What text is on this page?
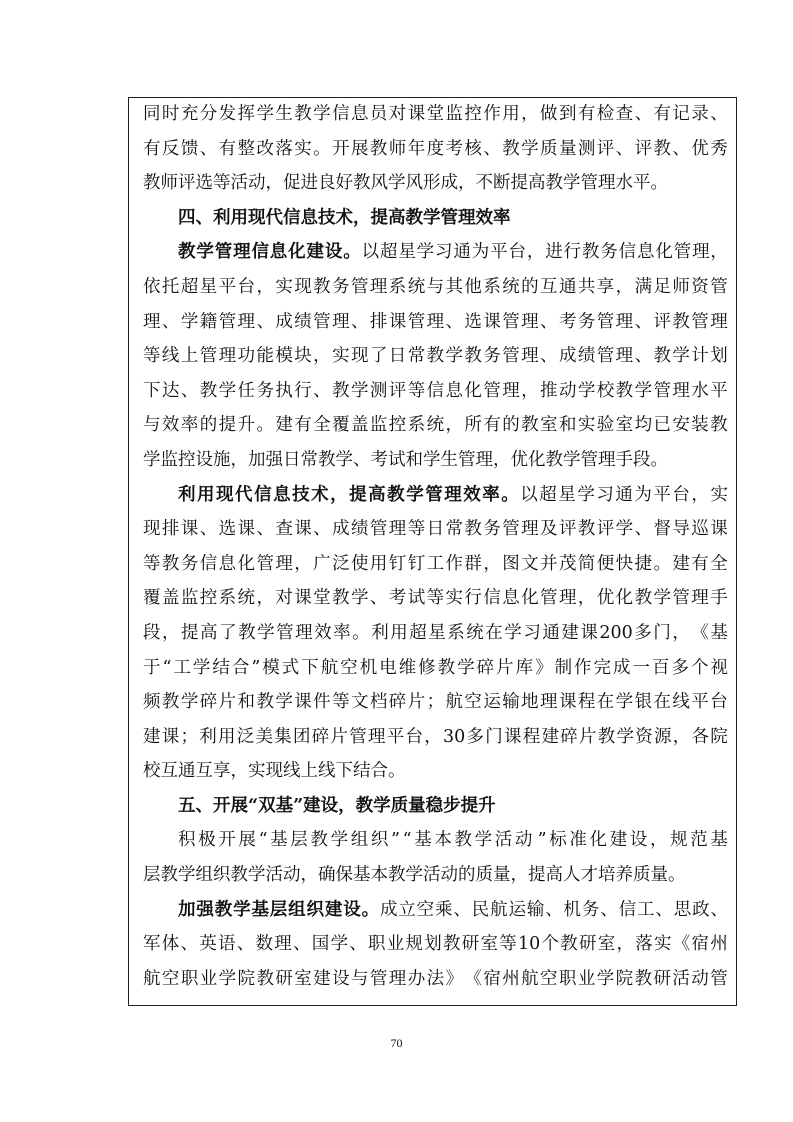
同 时 充 分 发 挥 学 生 教 学 信 息 员 对 课 堂 监 控 作 用 ， 做 到 有 检 查 、 有 记 录 、
有 反 馈 、 有 整 改 落 实 。 开 展 教 师 年 度 考 核 、 教 学 质 量 测 评 、 评 教 、 优 秀
教师评选等活动，促进良好教风学风形成，不断提高教学管理水平。
四、利用现代信息技术，提高教学管理效率
教 学 管 理 信 息 化 建 设 。 以 超 星 学 习 通 为 平 台 ， 进 行 教 务 信 息 化 管 理 ，
依 托 超 星 平 台 ， 实 现 教 务 管 理 系 统 与 其 他 系 统 的 互 通 共 享 ， 满 足 师 资 管
理 、 学 籍 管 理 、 成 绩 管 理 、 排 课 管 理 、 选 课 管 理 、 考 务 管 理 、 评 教 管 理
等 线 上 管 理 功 能 模 块 ， 实 现 了 日 常 教 学 教 务 管 理 、 成 绩 管 理 、 教 学 计 划
下 达 、 教 学 任 务 执 行 、 教 学 测 评 等 信 息 化 管 理 ， 推 动 学 校 教 学 管 理 水 平
与 效 率 的 提 升 。 建 有 全 覆 盖 监 控 系 统 ， 所 有 的 教 室 和 实 验 室 均 已 安 装 教
学监控设施，加强日常教学、考试和学生管理，优化教学管理手段。
利 用 现 代 信 息 技 术 ， 提 高 教 学 管 理 效 率 。 以 超 星 学 习 通 为 平 台 ， 实
现 排 课 、 选 课 、 查 课 、 成 绩 管 理 等 日 常 教 务 管 理 及 评 教 评 学 、 督 导 巡 课
等 教 务 信 息 化 管 理 ， 广 泛 使 用 钉 钉 工 作 群 ， 图 文 并 茂 简 便 快 捷 。 建 有 全
覆 盖 监 控 系 统 ， 对 课 堂 教 学 、 考 试 等 实 行 信 息 化 管 理 ， 优 化 教 学 管 理 手
段 ， 提 高 了 教 学 管 理 效 率 。 利 用 超 星 系 统 在 学 习 通 建 课 200 多 门 ， 《 基
于 “ 工 学 结 合 ” 模 式 下 航 空 机 电 维 修 教 学 碎 片 库 》 制 作 完 成 一 百 多 个 视
频 教 学 碎 片 和 教 学 课 件 等 文 档 碎 片 ； 航 空 运 输 地 理 课 程 在 学 银 在 线 平 台
建 课 ； 利 用 泛 美 集 团 碎 片 管 理 平 台 ， 30 多 门 课 程 建 碎 片 教 学 资 源 ， 各 院
校互通互享，实现线上线下结合。
五、开展“双基”建设，教学质量稳步提升
积 极 开 展 “ 基 层 教 学 组 织 ” “ 基 本 教 学 活 动 ” 标 准 化 建 设 ， 规 范 基
层教学组织教学活动，确保基本教学活动的质量，提高人才培养质量。
加 强 教 学 基 层 组 织 建 设 。 成 立 空 乘 、 民 航 运 输 、 机 务 、 信 工 、 思 政 、
军 体 、 英 语 、 数 理 、 国 学 、 职 业 规 划 教 研 室 等 10 个 教 研 室 ， 落 实 《 宿 州
航 空 职 业 学 院 教 研 室 建 设 与 管 理 办 法 》 《 宿 州 航 空 职 业 学 院 教 研 活 动 管
70
